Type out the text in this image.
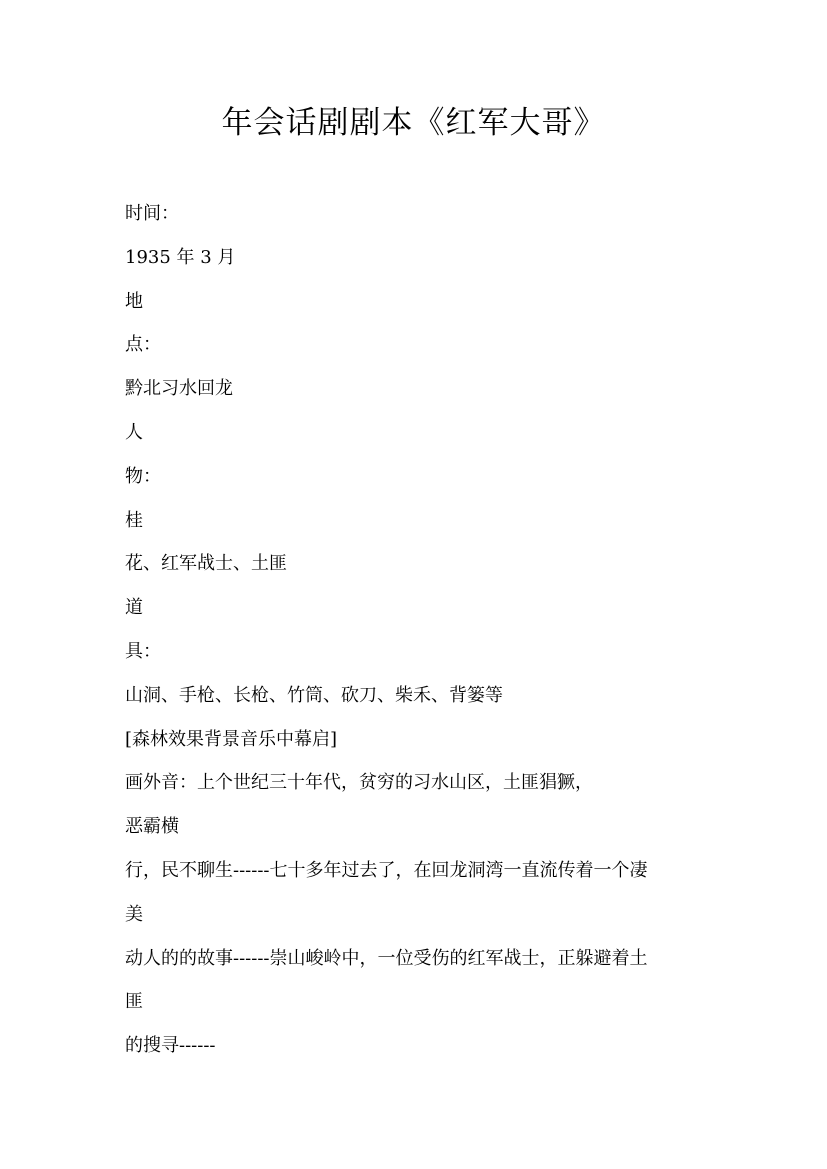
年会话剧剧本《红军大哥》
时间：
1935 年 3 月
地
点：
黔北习水回龙
人
物：
桂
花、红军战士、土匪
道
具：
山洞、手枪、长枪、竹筒、砍刀、柴禾、背篓等
[森林效果背景音乐中幕启]
画外音：上个世纪三十年代，贫穷的习水山区，土匪猖獗，
恶霸横
行，民不聊生------七十多年过去了，在回龙洞湾一直流传着一个凄
美
动人的的故事------崇山峻岭中，一位受伤的红军战士，正躲避着土
匪
的搜寻------
